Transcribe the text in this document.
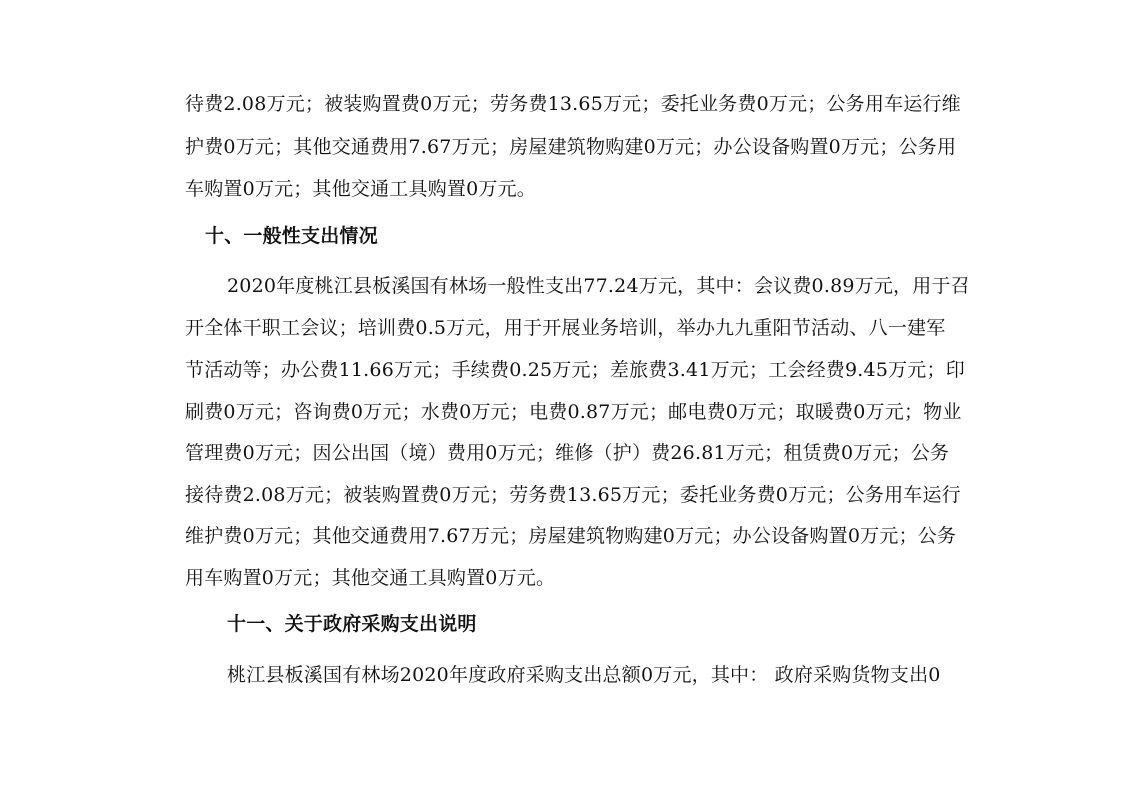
待费2.08万元；被装购置费0万元；劳务费13.65万元；委托业务费0万元；公务用车运行维
护费0万元；其他交通费用7.67万元；房屋建筑物购建0万元；办公设备购置0万元；公务用
车购置0万元；其他交通工具购置0万元。
十、一般性支出情况
2020年度桃江县板溪国有林场一般性支出77.24万元，其中：会议费0.89万元，用于召
开全体干职工会议；培训费0.5万元，用于开展业务培训，举办九九重阳节活动、八一建军
节活动等；办公费11.66万元；手续费0.25万元；差旅费3.41万元；工会经费9.45万元；印
刷费0万元；咨询费0万元；水费0万元；电费0.87万元；邮电费0万元；取暖费0万元；物业
管理费0万元；因公出国（境）费用0万元；维修（护）费26.81万元；租赁费0万元；公务
接待费2.08万元；被装购置费0万元；劳务费13.65万元；委托业务费0万元；公务用车运行
维护费0万元；其他交通费用7.67万元；房屋建筑物购建0万元；办公设备购置0万元；公务
用车购置0万元；其他交通工具购置0万元。
十一、关于政府采购支出说明
桃江县板溪国有林场2020年度政府采购支出总额0万元，其中： 政府采购货物支出0
